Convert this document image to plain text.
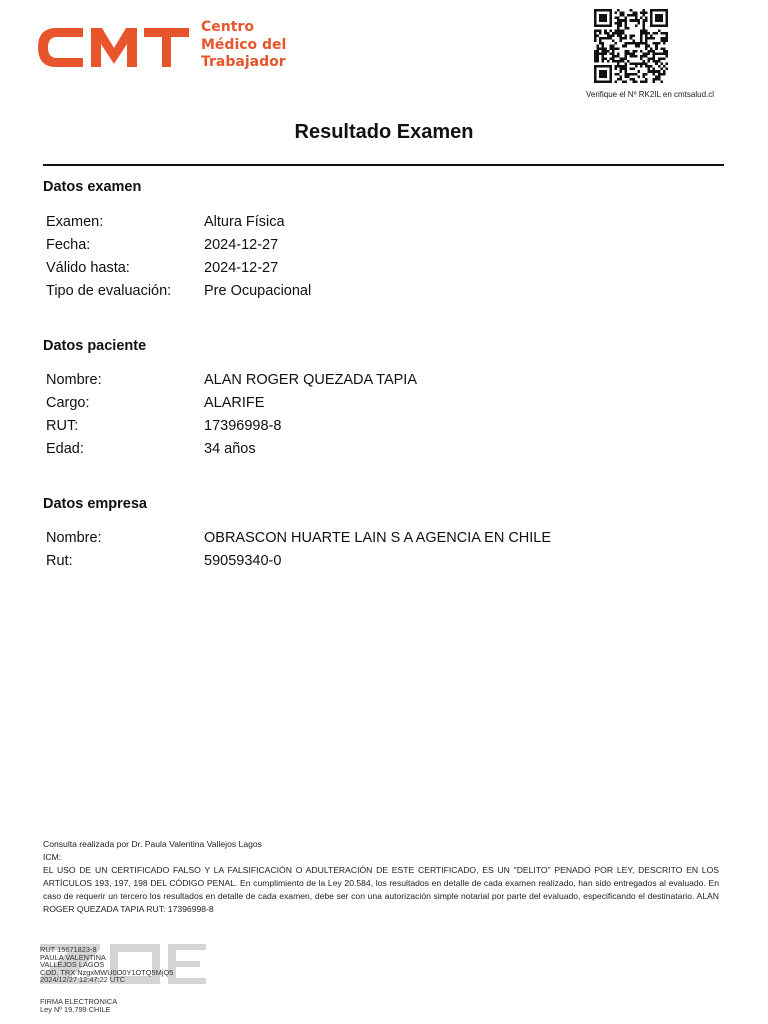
Centro
Médico del
Trabajador
Verifique el Nº RK2IL en cmtsalud.cl
Resultado Examen
Datos examen
Examen:	Altura Física
Fecha:	2024-12-27
Válido hasta:	2024-12-27
Tipo de evaluación: Pre Ocupacional
Datos paciente
Nombre:	ALAN ROGER QUEZADA TAPIA
Cargo:	ALARIFE
RUT:	17396998-8
Edad:	34 años
Datos empresa
Nombre:	OBRASCON HUARTE LAIN S A AGENCIA EN CHILE
Rut:	59059340-0
Consulta realizada por Dr. Paula Valentina Vallejos Lagos
ICM:
EL USO DE UN CERTIFICADO FALSO Y LA FALSIFICACIÓN O ADULTERACIÓN DE ESTE CERTIFICADO, ES UN "DELITO" PENADO POR LEY, DESCRITO EN LOS ARTÍCULOS 193, 197, 198 DEL CÓDIGO PENAL. En cumplimiento de la Ley 20.584, los resultados en detalle de cada examen realizado, han sido entregados al evaluado. En caso de requerir un tercero los resultados en detalle de cada examen, debe ser con una autorización simple notarial por parte del evaluado, especificando el destinatario. ALAN ROGER QUEZADA TAPIA RUT: 17396998-8
RUT 15671823-8
PAULA VALENTINA
VALLEJOS LAGOS
COD. TRX NzgxMWU0O0Y1OTQ5MjQ5
2024/12/27 12:47:22 UTC
FIRMA ELECTRONICA
Ley Nº 19.799 CHILE
